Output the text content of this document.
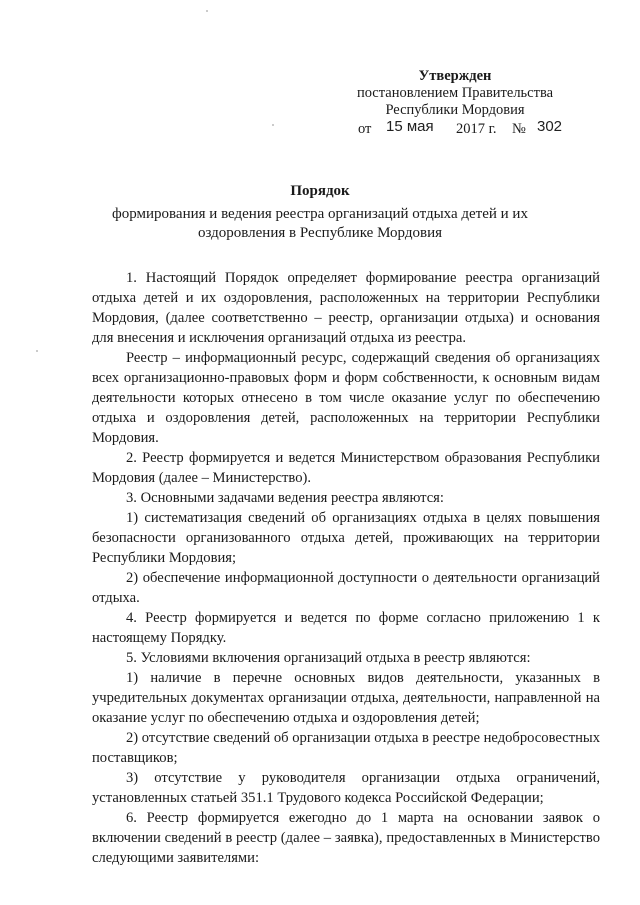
Утвержден
постановлением Правительства
Республики Мордовия
от 15 мая 2017 г. № 302
Порядок
формирования и ведения реестра организаций отдыха детей и их
оздоровления в Республике Мордовия

1. Настоящий Порядок определяет формирование реестра организаций отдыха детей и их оздоровления, расположенных на территории Республики Мордовия, (далее соответственно – реестр, организации отдыха) и основания для внесения и исключения организаций отдыха из реестра.

Реестр – информационный ресурс, содержащий сведения об организациях всех организационно-правовых форм и форм собственности, к основным видам деятельности которых отнесено в том числе оказание услуг по обеспечению отдыха и оздоровления детей, расположенных на территории Республики Мордовия.

2. Реестр формируется и ведется Министерством образования Республики Мордовия (далее – Министерство).

3. Основными задачами ведения реестра являются:

1) систематизация сведений об организациях отдыха в целях повышения безопасности организованного отдыха детей, проживающих на территории Республики Мордовия;

2) обеспечение информационной доступности о деятельности организаций отдыха.

4. Реестр формируется и ведется по форме согласно приложению 1 к настоящему Порядку.

5. Условиями включения организаций отдыха в реестр являются:

1) наличие в перечне основных видов деятельности, указанных в учредительных документах организации отдыха, деятельности, направленной на оказание услуг по обеспечению отдыха и оздоровления детей;

2) отсутствие сведений об организации отдыха в реестре недобросовестных поставщиков;

3) отсутствие у руководителя организации отдыха ограничений, установленных статьей 351.1 Трудового кодекса Российской Федерации;

6. Реестр формируется ежегодно до 1 марта на основании заявок о включении сведений в реестр (далее – заявка), предоставленных в Министерство следующими заявителями:
